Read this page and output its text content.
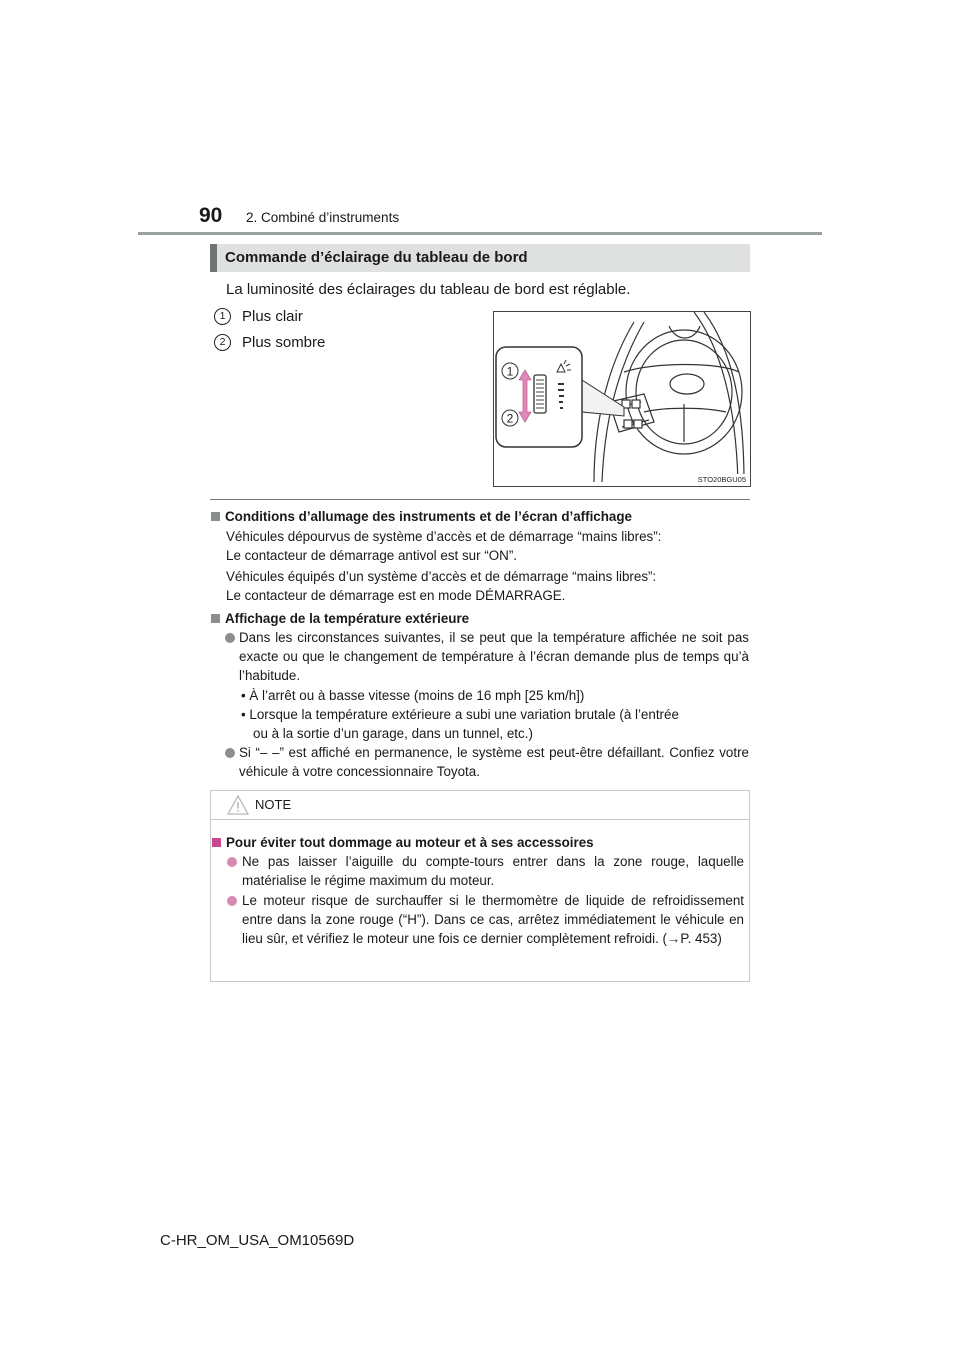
90 2. Combiné d’instruments
Commande d’éclairage du tableau de bord
La luminosité des éclairages du tableau de bord est réglable.
1	Plus clair
2	Plus sombre
1
2
STO20BGU05
Conditions d’allumage des instruments et de l’écran d’affichage
Véhicules dépourvus de système d’accès et de démarrage “mains libres”:
Le contacteur de démarrage antivol est sur “ON”.
Véhicules équipés d’un système d’accès et de démarrage “mains libres”:
Le contacteur de démarrage est en mode DÉMARRAGE.
Affichage de la température extérieure
Dans les circonstances suivantes, il se peut que la température affichée ne soit pas exacte ou que le changement de température à l’écran demande plus de temps qu’à l’habitude.
• À l’arrêt ou à basse vitesse (moins de 16 mph [25 km/h])
• Lorsque la température extérieure a subi une variation brutale (à l’entrée
ou à la sortie d’un garage, dans un tunnel, etc.)
Si “– –” est affiché en permanence, le système est peut-être défaillant. Confiez votre véhicule à votre concessionnaire Toyota.
NOTE
Pour éviter tout dommage au moteur et à ses accessoires
Ne pas laisser l’aiguille du compte-tours entrer dans la zone rouge, laquelle matérialise le régime maximum du moteur.
Le moteur risque de surchauffer si le thermomètre de liquide de refroidissement entre dans la zone rouge (“H”). Dans ce cas, arrêtez immédiatement le véhicule en lieu sûr, et vérifiez le moteur une fois ce dernier complètement refroidi. (→P. 453)
C-HR_OM_USA_OM10569D
